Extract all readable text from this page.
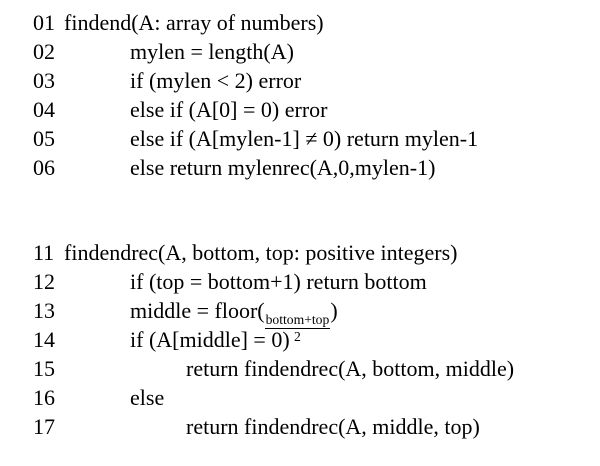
01 findend(A: array of numbers)
02	mylen = length(A)
03	if (mylen < 2) error
04	else if (A[0] = 0) error
05	else if (A[mylen-1] ≠ 0) return mylen-1
06	else return mylenrec(A,0,mylen-1)
11 findendrec(A, bottom, top: positive integers)
12	if (top = bottom+1) return bottom
13	middle = floor(
$\frac{\text{bottom+top}}{2}$
)
14	if (A[middle] = 0)
15	return findendrec(A, bottom, middle)
16	else
17	return findendrec(A, middle, top)
